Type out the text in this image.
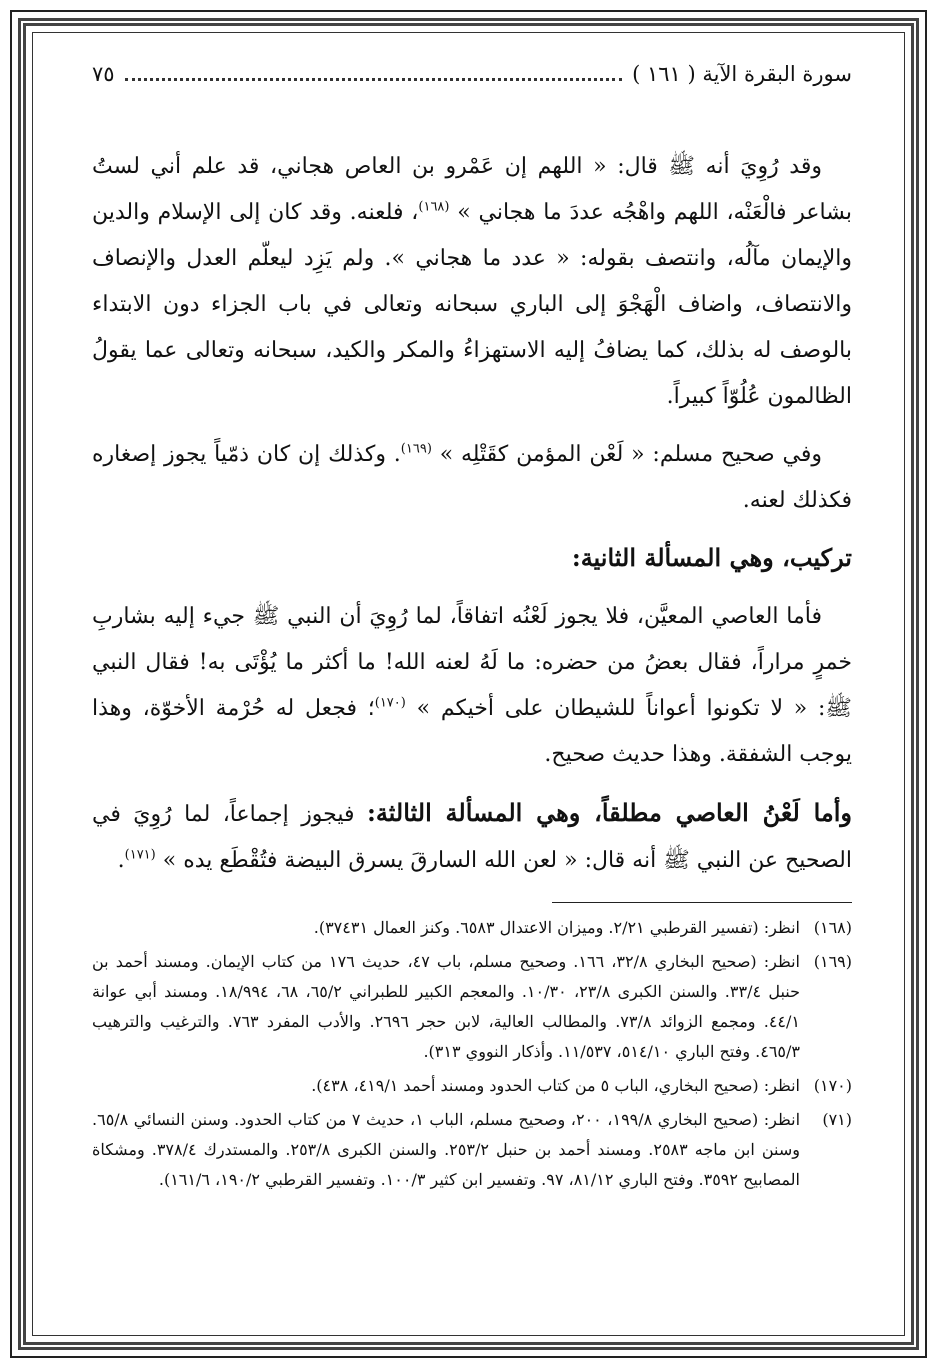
سورة البقرة الآية ( ١٦١ )
٧٥

وقد رُوِيَ أنه ﷺ قال: « اللهم إن عَمْرو بن العاص هجاني، قد علم أني لستُ بشاعر فالْعَنْه، اللهم واهْجُه عددَ ما هجاني » $^{(١٦٨)}$، فلعنه. وقد كان إلى الإسلام والدين والإيمان مآلُه، وانتصف بقوله: « عدد ما هجاني ». ولم يَزِد ليعلّم العدل والإنصاف والانتصاف، واضاف الْهَجْوَ إلى الباري سبحانه وتعالى في باب الجزاء دون الابتداء بالوصف له بذلك، كما يضافُ إليه الاستهزاءُ والمكر والكيد، سبحانه وتعالى عما يقولُ الظالمون عُلُوّاً كبيراً.

وفي صحيح مسلم: « لَعْن المؤمن كقَتْلِه » $^{(١٦٩)}$. وكذلك إن كان ذمّياً يجوز إصغاره فكذلك لعنه.

تركيب، وهي المسألة الثانية:

فأما العاصي المعيَّن، فلا يجوز لَعْنُه اتفاقاً، لما رُوِيَ أن النبي ﷺ جيء إليه بشاربِ خمرٍ مراراً، فقال بعضُ من حضره: ما لَهُ لعنه الله! ما أكثر ما يُؤْتَى به! فقال النبي ﷺ: « لا تكونوا أعواناً للشيطان على أخيكم » $^{(١٧٠)}$؛ فجعل له حُرْمة الأخوّة، وهذا يوجب الشفقة. وهذا حديث صحيح.

وأما لَعْنُ العاصي مطلقاً، وهي المسألة الثالثة: فيجوز إجماعاً، لما رُوِيَ في الصحيح عن النبي ﷺ أنه قال: « لعن الله السارقَ يسرق البيضة فتُقْطَع يده » $^{(١٧١)}$.

(١٦٨)
انظر: (تفسير القرطبي ٢/٢١. وميزان الاعتدال ٦٥٨٣. وكنز العمال ٣٧٤٣١).
(١٦٩)
انظر: (صحيح البخاري ٣٢/٨، ١٦٦. وصحيح مسلم، باب ٤٧، حديث ١٧٦ من كتاب الإيمان. ومسند أحمد بن حنبل ٣٣/٤. والسنن الكبرى ٢٣/٨، ١٠/٣٠. والمعجم الكبير للطبراني ٦٥/٢، ٦٨، ١٨/٩٩٤. ومسند أبي عوانة ٤٤/١. ومجمع الزوائد ٧٣/٨. والمطالب العالية، لابن حجر ٢٦٩٦. والأدب المفرد ٧٦٣. والترغيب والترهيب ٤٦٥/٣. وفتح الباري ٥١٤/١٠، ١١/٥٣٧. وأذكار النووي ٣١٣).
(١٧٠)
انظر: (صحيح البخاري، الباب ٥ من كتاب الحدود ومسند أحمد ٤١٩/١، ٤٣٨).
(٧١)
انظر: (صحيح البخاري ١٩٩/٨، ٢٠٠، وصحيح مسلم، الباب ١، حديث ٧ من كتاب الحدود. وسنن النسائي ٦٥/٨. وسنن ابن ماجه ٢٥٨٣. ومسند أحمد بن حنبل ٢٥٣/٢. والسنن الكبرى ٢٥٣/٨. والمستدرك ٣٧٨/٤. ومشكاة المصابيح ٣٥٩٢. وفتح الباري ٨١/١٢، ٩٧. وتفسير ابن كثير ١٠٠/٣. وتفسير القرطبي ١٩٠/٢، ١٦١/٦).
